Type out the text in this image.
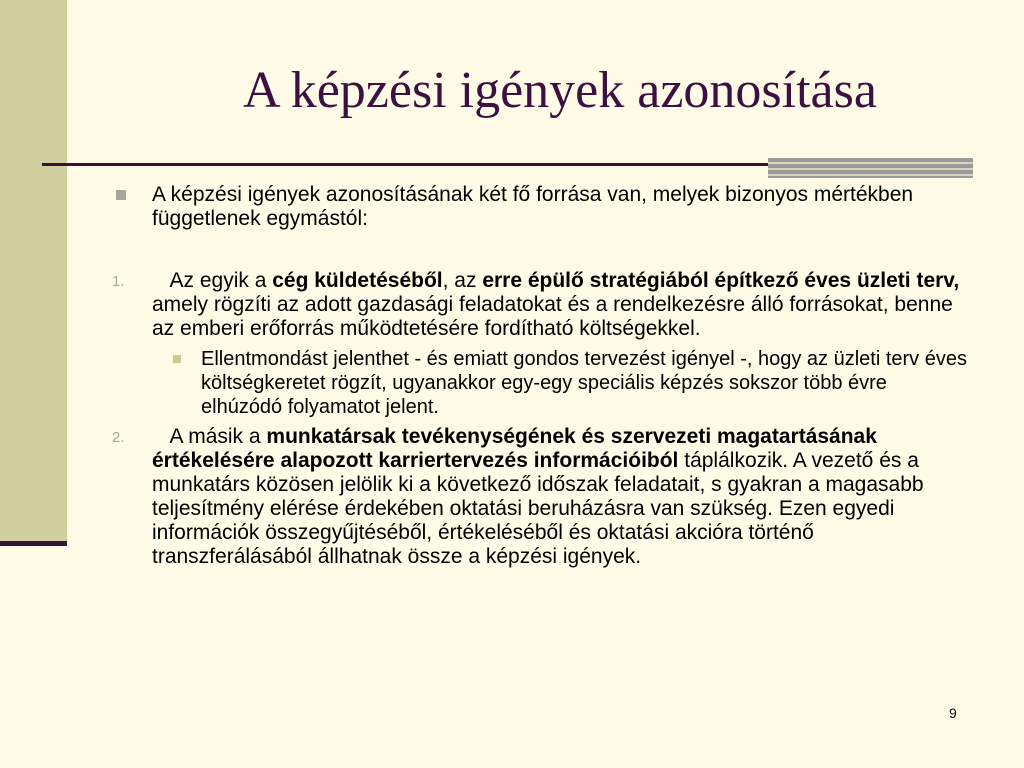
A képzési igények azonosítása
A képzési igények azonosításának két fő forrása van, melyek bizonyos mértékben függetlenek egymástól:
1. Az egyik a cég küldetéséből, az erre épülő stratégiából építkező éves üzleti terv, amely rögzíti az adott gazdasági feladatokat és a rendelkezésre álló forrásokat, benne az emberi erőforrás működtetésére fordítható költségekkel.
Ellentmondást jelenthet - és emiatt gondos tervezést igényel -, hogy az üzleti terv éves költségkeretet rögzít, ugyanakkor egy-egy speciális képzés sokszor több évre elhúzódó folyamatot jelent.
2. A másik a munkatársak tevékenységének és szervezeti magatartásának értékelésére alapozott karriertervezés információiból táplálkozik. A vezető és a munkatárs közösen jelölik ki a következő időszak feladatait, s gyakran a magasabb teljesítmény elérése érdekében oktatási beruházásra van szükség. Ezen egyedi információk összegyűjtéséből, értékeléséből és oktatási akcióra történő transzferálásából állhatnak össze a képzési igények.
9
